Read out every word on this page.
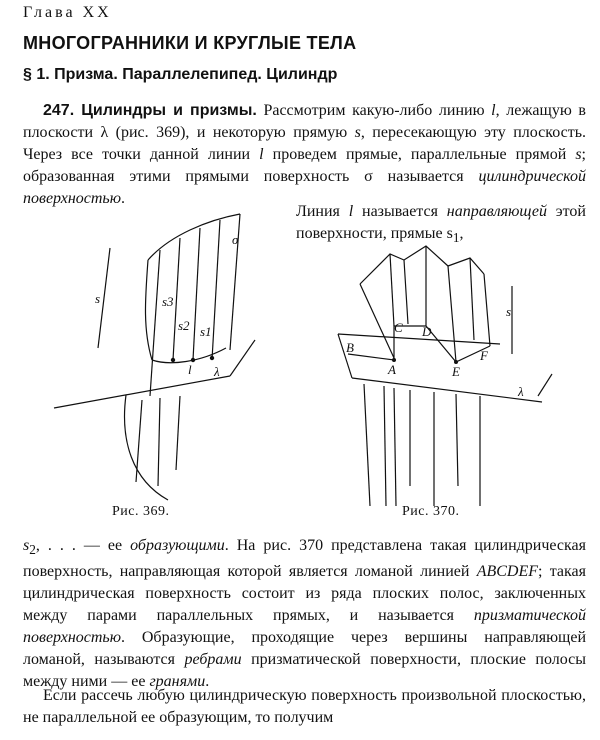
Глава XX
МНОГОГРАННИКИ И КРУГЛЫЕ ТЕЛА
§ 1. Призма. Параллелепипед. Цилиндр

247. Цилиндры и призмы. Рассмотрим какую-либо линию l, лежащую в плоскости λ (рис. 369), и некоторую прямую s, пересекающую эту плоскость. Через все точки данной линии l проведем прямые, параллельные прямой s; образованная этими прямыми поверхность σ называется цилиндрической поверхностью.

Линия l называется направляющей этой поверхности, прямые $s_1$,

σ
s	s3
s2 s1
l λ
Рис. 369.
B
A
C D
E
F
s
λ
Рис. 370.

$s_2$, . . . — ее образующими. На рис. 370 представлена такая цилиндрическая поверхность, направляющая которой является ломаной линией ABCDEF; такая цилиндрическая поверхность состоит из ряда плоских полос, заключенных между парами параллельных прямых, и называется призматической поверхностью. Образующие, проходящие через вершины направляющей ломаной, называются ребрами призматической поверхности, плоские полосы между ними — ее гранями.

Если рассечь любую цилиндрическую поверхность произвольной плоскостью, не параллельной ее образующим, то получим
